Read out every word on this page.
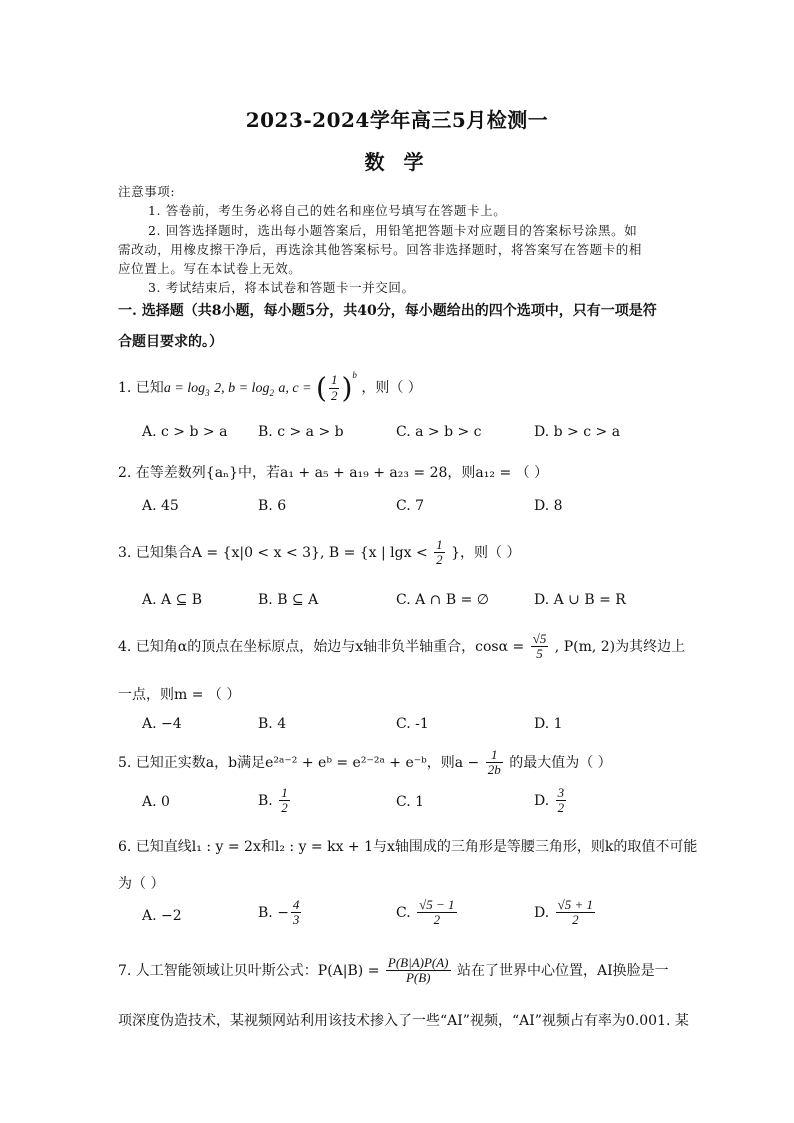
2023-2024学年高三5月检测一
数 学
注意事项:
1. 答卷前，考生务必将自己的姓名和座位号填写在答题卡上。
2. 回答选择题时，选出每小题答案后，用铅笔把答题卡对应题目的答案标号涂黑。如
需改动，用橡皮擦干净后，再选涂其他答案标号。回答非选择题时，将答案写在答题卡的相
应位置上。写在本试卷上无效。
3. 考试结束后，将本试卷和答题卡一并交回。
一. 选择题（共8小题，每小题5分，共40分，每小题给出的四个选项中，只有一项是符
合题目要求的。）
1. 已知$a = \log_3 2$, $b = \log_2 a$, c = ( $\frac{1}{2} )^b$ ，则（ ）
A. c > b > a B. c > a > b	C. a > b > c	D. b > c > a
2. 在等差数列{aₙ}中，若a₁ + a₅ + a₁₉ + a₂₃ = 28，则a₁₂ = （ ）
A. 45	B. 6	C. 7	D. 8
3. 已知集合A = {x|0 < x < 3}, B = {x | $\lg x < \frac{1}{2}$ }，则（ ）
A. A ⊆ B	B. B ⊆ A	C. A ∩ B = ∅	D. A ∪ B = R
4. 已知角α的顶点在坐标原点，始边与x轴非负半轴重合，$\cos\alpha = \frac{√5}{5}$ , P(m, 2)为其终边上
一点，则m = （ ）
A. −4	B. 4	C. -1	D. 1
5. 已知正实数a，b满足e²ᵃ⁻² + eᵇ = e²⁻²ᵃ + e⁻ᵇ，则$a - \frac{1}{2b}$ 的最大值为（ ）
A. 0	B. $\frac{1}{2}$	C. 1	D. $\frac{3}{2}$
6. 已知直线l₁ : y = 2x和l₂ : y = kx + 1与x轴围成的三角形是等腰三角形，则k的取值不可能
为（ ）
A. −2	B. − $\frac{4}{3}$	C. $\frac{√5 - 1}{2}$	D. $\frac{√5 + 1}{2}$
7. 人工智能领域让贝叶斯公式：$P(A|B) = \frac{P(B|A)P(A)}{P(B)}$ 站在了世界中心位置，AI换脸是一
项深度伪造技术，某视频网站利用该技术掺入了一些“AI”视频，“AI”视频占有率为0.001. 某
